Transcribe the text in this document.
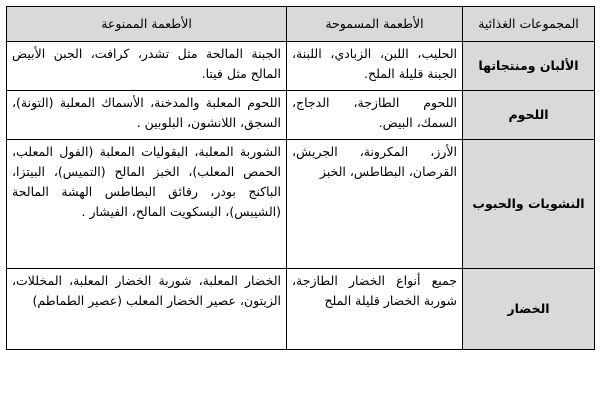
المجموعات الغذائية	الأطعمة المسموحة	الأطعمة الممنوعة
الألبان ومنتجاتها	الحليب، اللبن، الزبادي، اللبنة، الجبنة قليلة الملح.	الجبنة المالحة مثل تشدر، كرافت، الجبن الأبيض المالح مثل فيتا.
اللحوم	اللحوم الطازجة، الدجاج، السمك، البيض.	اللحوم المعلبة والمدخنة، الأسماك المعلبة (التونة)، السجق، اللانشون، البلوبين .
النشويات والحبوب	الأرز، المكرونة، الجريش، القرصان، البطاطس، الخبز	الشوربة المعلبة، البقوليات المعلبة (الفول المعلب، الحمص المعلب)، الخبز المالح (التميس)، البيتزا، الباكنج بودر، رقائق البطاطس الهشة المالحة (الشيبس)، البسكويت المالح، الفيشار .
الخضار	جميع أنواع الخضار الطازجة، شوربة الخضار قليلة الملح	الخضار المعلبة، شوربة الخضار المعلبة، المخللات، الزيتون، عصير الخضار المعلب (عصير الطماطم)
